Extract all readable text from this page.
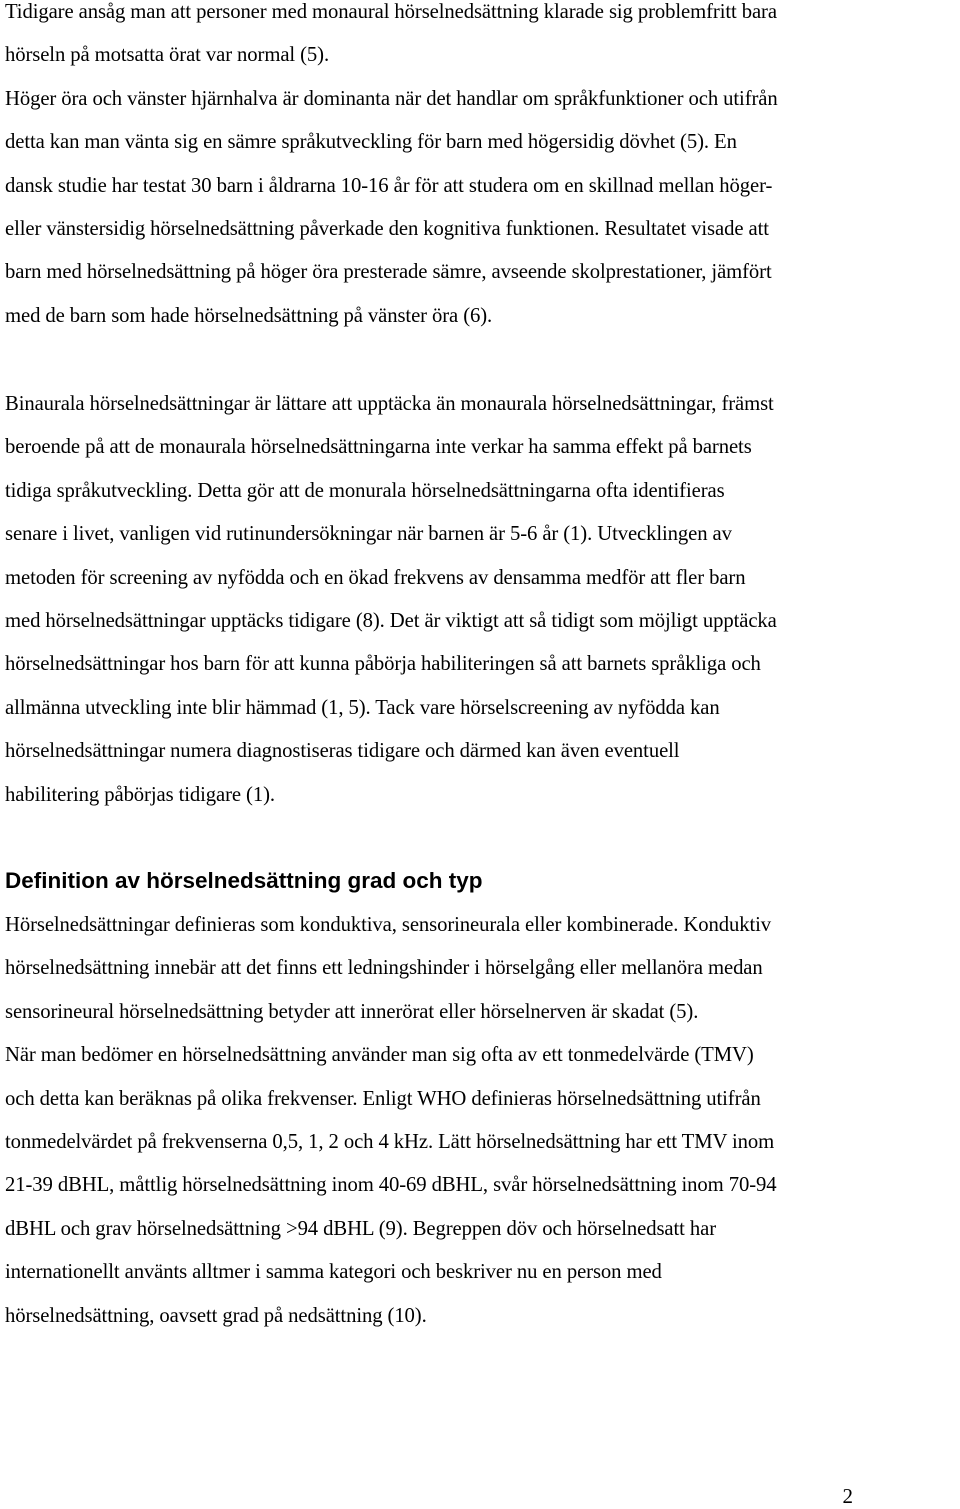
Tidigare ansåg man att personer med monaural hörselnedsättning klarade sig problemfritt bara
hörseln på motsatta örat var normal (5).
Höger öra och vänster hjärnhalva är dominanta när det handlar om språkfunktioner och utifrån
detta kan man vänta sig en sämre språkutveckling för barn med högersidig dövhet (5). En
dansk studie har testat 30 barn i åldrarna 10-16 år för att studera om en skillnad mellan höger-
eller vänstersidig hörselnedsättning påverkade den kognitiva funktionen. Resultatet visade att
barn med hörselnedsättning på höger öra presterade sämre, avseende skolprestationer, jämfört
med de barn som hade hörselnedsättning på vänster öra (6).

Binaurala hörselnedsättningar är lättare att upptäcka än monaurala hörselnedsättningar, främst
beroende på att de monaurala hörselnedsättningarna inte verkar ha samma effekt på barnets
tidiga språkutveckling. Detta gör att de monurala hörselnedsättningarna ofta identifieras
senare i livet, vanligen vid rutinundersökningar när barnen är 5-6 år (1). Utvecklingen av
metoden för screening av nyfödda och en ökad frekvens av densamma medför att fler barn
med hörselnedsättningar upptäcks tidigare (8). Det är viktigt att så tidigt som möjligt upptäcka
hörselnedsättningar hos barn för att kunna påbörja habiliteringen så att barnets språkliga och
allmänna utveckling inte blir hämmad (1, 5). Tack vare hörselscreening av nyfödda kan
hörselnedsättningar numera diagnostiseras tidigare och därmed kan även eventuell
habilitering påbörjas tidigare (1).

Definition av hörselnedsättning grad och typ

Hörselnedsättningar definieras som konduktiva, sensorineurala eller kombinerade. Konduktiv
hörselnedsättning innebär att det finns ett ledningshinder i hörselgång eller mellanöra medan
sensorineural hörselnedsättning betyder att innerörat eller hörselnerven är skadat (5).
När man bedömer en hörselnedsättning använder man sig ofta av ett tonmedelvärde (TMV)
och detta kan beräknas på olika frekvenser. Enligt WHO definieras hörselnedsättning utifrån
tonmedelvärdet på frekvenserna 0,5, 1, 2 och 4 kHz. Lätt hörselnedsättning har ett TMV inom
21-39 dBHL, måttlig hörselnedsättning inom 40-69 dBHL, svår hörselnedsättning inom 70-94
dBHL och grav hörselnedsättning >94 dBHL (9). Begreppen döv och hörselnedsatt har
internationellt använts alltmer i samma kategori och beskriver nu en person med
hörselnedsättning, oavsett grad på nedsättning (10).

2
